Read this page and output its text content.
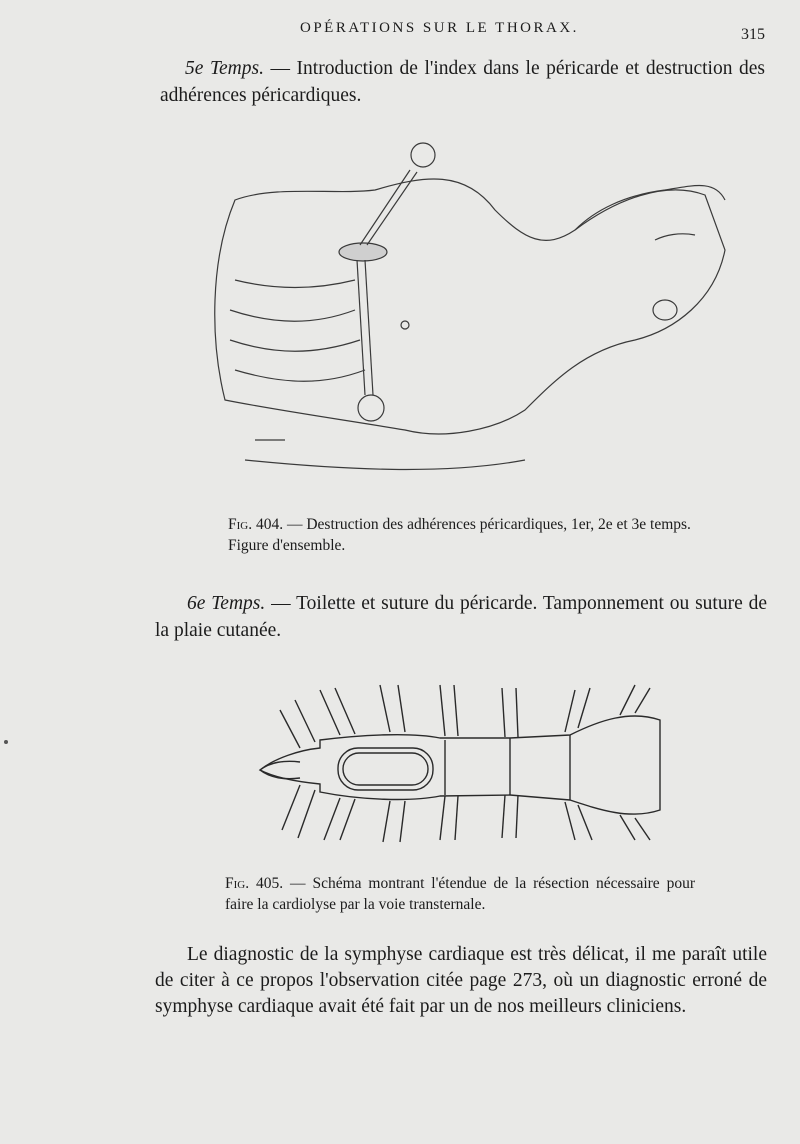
OPÉRATIONS SUR LE THORAX.	315

5e Temps. — Introduction de l'index dans le péricarde et destruction des adhérences péricardiques.

Fig. 404. — Destruction des adhérences péricardiques, 1er, 2e et 3e temps. Figure d'ensemble.

6e Temps. — Toilette et suture du péricarde. Tamponnement ou suture de la plaie cutanée.

Fig. 405. — Schéma montrant l'étendue de la résection nécessaire pour faire la cardiolyse par la voie transternale.

Le diagnostic de la symphyse cardiaque est très délicat, il me paraît utile de citer à ce propos l'observation citée page 273, où un diagnostic erroné de symphyse cardiaque avait été fait par un de nos meilleurs cliniciens.
